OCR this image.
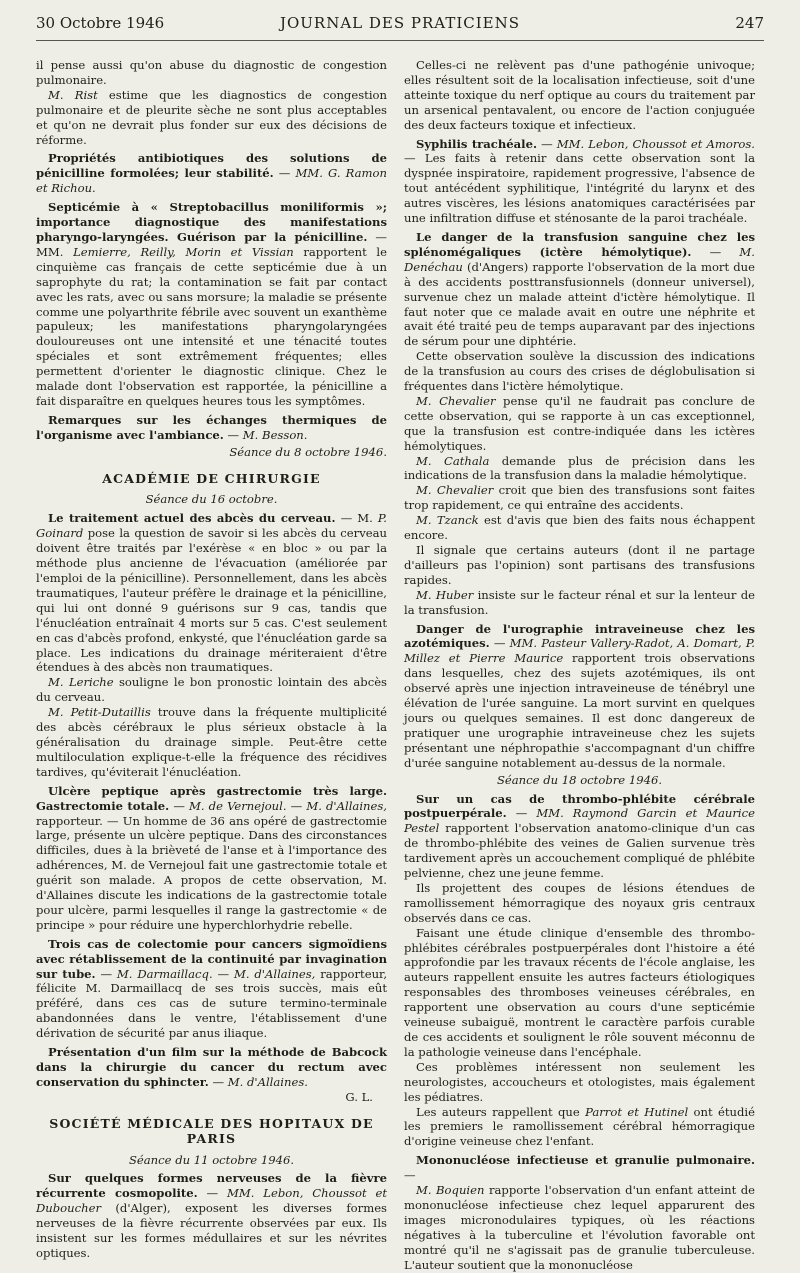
30 Octobre 1946	JOURNAL DES PRATICIENS	247

il pense aussi qu'on abuse du diagnostic de congestion pulmonaire.

M. Rist estime que les diagnostics de congestion pulmonaire et de pleurite sèche ne sont plus acceptables et qu'on ne devrait plus fonder sur eux des décisions de réforme.

Propriétés antibiotiques des solutions de pénicilline formolées; leur stabilité. — MM. G. Ramon et Richou.

Septicémie à « Streptobacillus moniliformis »; importance diagnostique des manifestations pharyngo-laryngées. Guérison par la pénicilline. — MM. Lemierre, Reilly, Morin et Vissian rapportent le cinquième cas français de cette septicémie due à un saprophyte du rat; la contamination se fait par contact avec les rats, avec ou sans morsure; la maladie se présente comme une polyarthrite fébrile avec souvent un exanthème papuleux; les manifestations pharyngolaryngées douloureuses ont une intensité et une ténacité toutes spéciales et sont extrêmement fréquentes; elles permettent d'orienter le diagnostic clinique. Chez le malade dont l'observation est rapportée, la pénicilline a fait disparaître en quelques heures tous les symptômes.

Remarques sur les échanges thermiques de l'organisme avec l'ambiance. — M. Besson.

Séance du 8 octobre 1946.

ACADÉMIE DE CHIRURGIE

Séance du 16 octobre.

Le traitement actuel des abcès du cerveau. — M. P. Goinard pose la question de savoir si les abcès du cerveau doivent être traités par l'exérèse « en bloc » ou par la méthode plus ancienne de l'évacuation (améliorée par l'emploi de la pénicilline). Personnellement, dans les abcès traumatiques, l'auteur préfère le drainage et la pénicilline, qui lui ont donné 9 guérisons sur 9 cas, tandis que l'énucléation entraînait 4 morts sur 5 cas. C'est seulement en cas d'abcès profond, enkysté, que l'énucléation garde sa place. Les indications du drainage mériteraient d'être étendues à des abcès non traumatiques.

M. Leriche souligne le bon pronostic lointain des abcès du cerveau.

M. Petit-Dutaillis trouve dans la fréquente multiplicité des abcès cérébraux le plus sérieux obstacle à la généralisation du drainage simple. Peut-être cette multiloculation explique-t-elle la fréquence des récidives tardives, qu'éviterait l'énucléation.

Ulcère peptique après gastrectomie très large. Gastrectomie totale. — M. de Vernejoul. — M. d'Allaines, rapporteur. — Un homme de 36 ans opéré de gastrectomie large, présente un ulcère peptique. Dans des circonstances difficiles, dues à la brièveté de l'anse et à l'importance des adhérences, M. de Vernejoul fait une gastrectomie totale et guérit son malade. A propos de cette observation, M. d'Allaines discute les indications de la gastrectomie totale pour ulcère, parmi lesquelles il range la gastrectomie « de principe » pour réduire une hyperchlorhydrie rebelle.

Trois cas de colectomie pour cancers sigmoïdiens avec rétablissement de la continuité par invagination sur tube. — M. Darmaillacq. — M. d'Allaines, rapporteur, félicite M. Darmaillacq de ses trois succès, mais eût préféré, dans ces cas de suture termino-terminale abandonnées dans le ventre, l'établissement d'une dérivation de sécurité par anus iliaque.

Présentation d'un film sur la méthode de Babcock dans la chirurgie du cancer du rectum avec conservation du sphincter. — M. d'Allaines.

G. L.

SOCIÉTÉ MÉDICALE DES HOPITAUX DE PARIS

Séance du 11 octobre 1946.

Sur quelques formes nerveuses de la fièvre récurrente cosmopolite. — MM. Lebon, Choussot et Duboucher (d'Alger), exposent les diverses formes nerveuses de la fièvre récurrente observées par eux. Ils insistent sur les formes médullaires et sur les névrites optiques.

Celles-ci ne relèvent pas d'une pathogénie univoque; elles résultent soit de la localisation infectieuse, soit d'une atteinte toxique du nerf optique au cours du traitement par un arsenical pentavalent, ou encore de l'action conjuguée des deux facteurs toxique et infectieux.

Syphilis trachéale. — MM. Lebon, Choussot et Amoros. — Les faits à retenir dans cette observation sont la dyspnée inspiratoire, rapidement progressive, l'absence de tout antécédent syphilitique, l'intégrité du larynx et des autres viscères, les lésions anatomiques caractérisées par une infiltration diffuse et sténosante de la paroi trachéale.

Le danger de la transfusion sanguine chez les splénomégaliques (ictère hémolytique). — M. Denéchau (d'Angers) rapporte l'observation de la mort due à des accidents posttransfusionnels (donneur universel), survenue chez un malade atteint d'ictère hémolytique. Il faut noter que ce malade avait en outre une néphrite et avait été traité peu de temps auparavant par des injections de sérum pour une diphtérie.

Cette observation soulève la discussion des indications de la transfusion au cours des crises de déglobulisation si fréquentes dans l'ictère hémolytique.

M. Chevalier pense qu'il ne faudrait pas conclure de cette observation, qui se rapporte à un cas exceptionnel, que la transfusion est contre-indiquée dans les ictères hémolytiques.

M. Cathala demande plus de précision dans les indications de la transfusion dans la maladie hémolytique.

M. Chevalier croit que bien des transfusions sont faites trop rapidement, ce qui entraîne des accidents.

M. Tzanck est d'avis que bien des faits nous échappent encore.

Il signale que certains auteurs (dont il ne partage d'ailleurs pas l'opinion) sont partisans des transfusions rapides.

M. Huber insiste sur le facteur rénal et sur la lenteur de la transfusion.

Danger de l'urographie intraveineuse chez les azotémiques. — MM. Pasteur Vallery-Radot, A. Domart, P. Millez et Pierre Maurice rapportent trois observations dans lesquelles, chez des sujets azotémiques, ils ont observé après une injection intraveineuse de ténébryl une élévation de l'urée sanguine. La mort survint en quelques jours ou quelques semaines. Il est donc dangereux de pratiquer une urographie intraveineuse chez les sujets présentant une néphropathie s'accompagnant d'un chiffre d'urée sanguine notablement au-dessus de la normale.

Séance du 18 octobre 1946.

Sur un cas de thrombo-phlébite cérébrale postpuerpérale. — MM. Raymond Garcin et Maurice Pestel rapportent l'observation anatomo-clinique d'un cas de thrombo-phlébite des veines de Galien survenue très tardivement après un accouchement compliqué de phlébite pelvienne, chez une jeune femme.

Ils projettent des coupes de lésions étendues de ramollissement hémorragique des noyaux gris centraux observés dans ce cas.

Faisant une étude clinique d'ensemble des thrombo-phlébites cérébrales postpuerpérales dont l'histoire a été approfondie par les travaux récents de l'école anglaise, les auteurs rappellent ensuite les autres facteurs étiologiques responsables des thromboses veineuses cérébrales, en rapportent une observation au cours d'une septicémie veineuse subaiguë, montrent le caractère parfois curable de ces accidents et soulignent le rôle souvent méconnu de la pathologie veineuse dans l'encéphale.

Ces problèmes intéressent non seulement les neurologistes, accoucheurs et otologistes, mais également les pédiatres.

Les auteurs rappellent que Parrot et Hutinel ont étudié les premiers le ramollissement cérébral hémorragique d'origine veineuse chez l'enfant.

Mononucléose infectieuse et granulie pulmonaire. —

M. Boquien rapporte l'observation d'un enfant atteint de mononucléose infectieuse chez lequel apparurent des images micronodulaires typiques, où les réactions négatives à la tuberculine et l'évolution favorable ont montré qu'il ne s'agissait pas de granulie tuberculeuse. L'auteur soutient que la mononucléose
